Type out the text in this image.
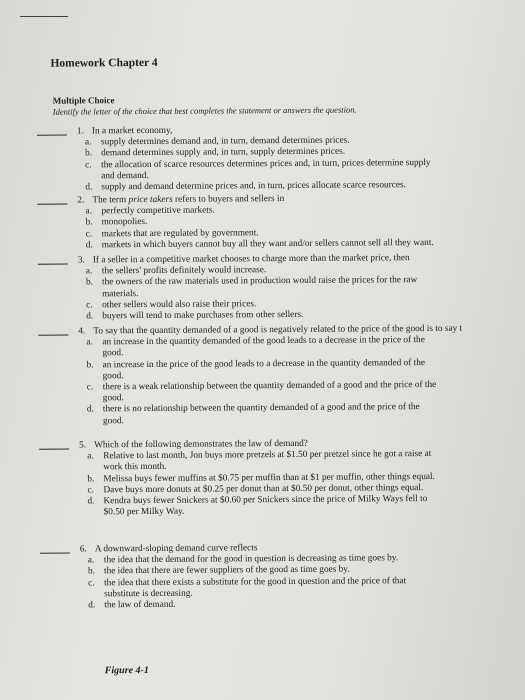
Homework Chapter 4
Multiple Choice
Identify the letter of the choice that best completes the statement or answers the question.
1. In a market economy,
a. supply determines demand and, in turn, demand determines prices.
b. demand determines supply and, in turn, supply determines prices.
c. the allocation of scarce resources determines prices and, in turn, prices determine supply
and demand.
d. supply and demand determine prices and, in turn, prices allocate scarce resources.
2. The term price takers refers to buyers and sellers in
a. perfectly competitive markets.
b. monopolies.
c. markets that are regulated by government.
d. markets in which buyers cannot buy all they want and/or sellers cannot sell all they want.
3. If a seller in a competitive market chooses to charge more than the market price, then
a. the sellers' profits definitely would increase.
b. the owners of the raw materials used in production would raise the prices for the raw
materials.
c. other sellers would also raise their prices.
d. buyers will tend to make purchases from other sellers.
4. To say that the quantity demanded of a good is negatively related to the price of the good is to say t
a. an increase in the quantity demanded of the good leads to a decrease in the price of the
good.
b. an increase in the price of the good leads to a decrease in the quantity demanded of the
good.
c. there is a weak relationship between the quantity demanded of a good and the price of the
good.
d. there is no relationship between the quantity demanded of a good and the price of the
good.
5. Which of the following demonstrates the law of demand?
a. Relative to last month, Jon buys more pretzels at $1.50 per pretzel since he got a raise at
work this month.
b. Melissa buys fewer muffins at $0.75 per muffin than at $1 per muffin, other things equal.
c. Dave buys more donuts at $0.25 per donut than at $0.50 per donut, other things equal.
d. Kendra buys fewer Snickers at $0.60 per Snickers since the price of Milky Ways fell to
$0.50 per Milky Way.
6. A downward-sloping demand curve reflects
a. the idea that the demand for the good in question is decreasing as time goes by.
b. the idea that there are fewer suppliers of the good as time goes by.
c. the idea that there exists a substitute for the good in question and the price of that
substitute is decreasing.
d. the law of demand.
Figure 4-1
